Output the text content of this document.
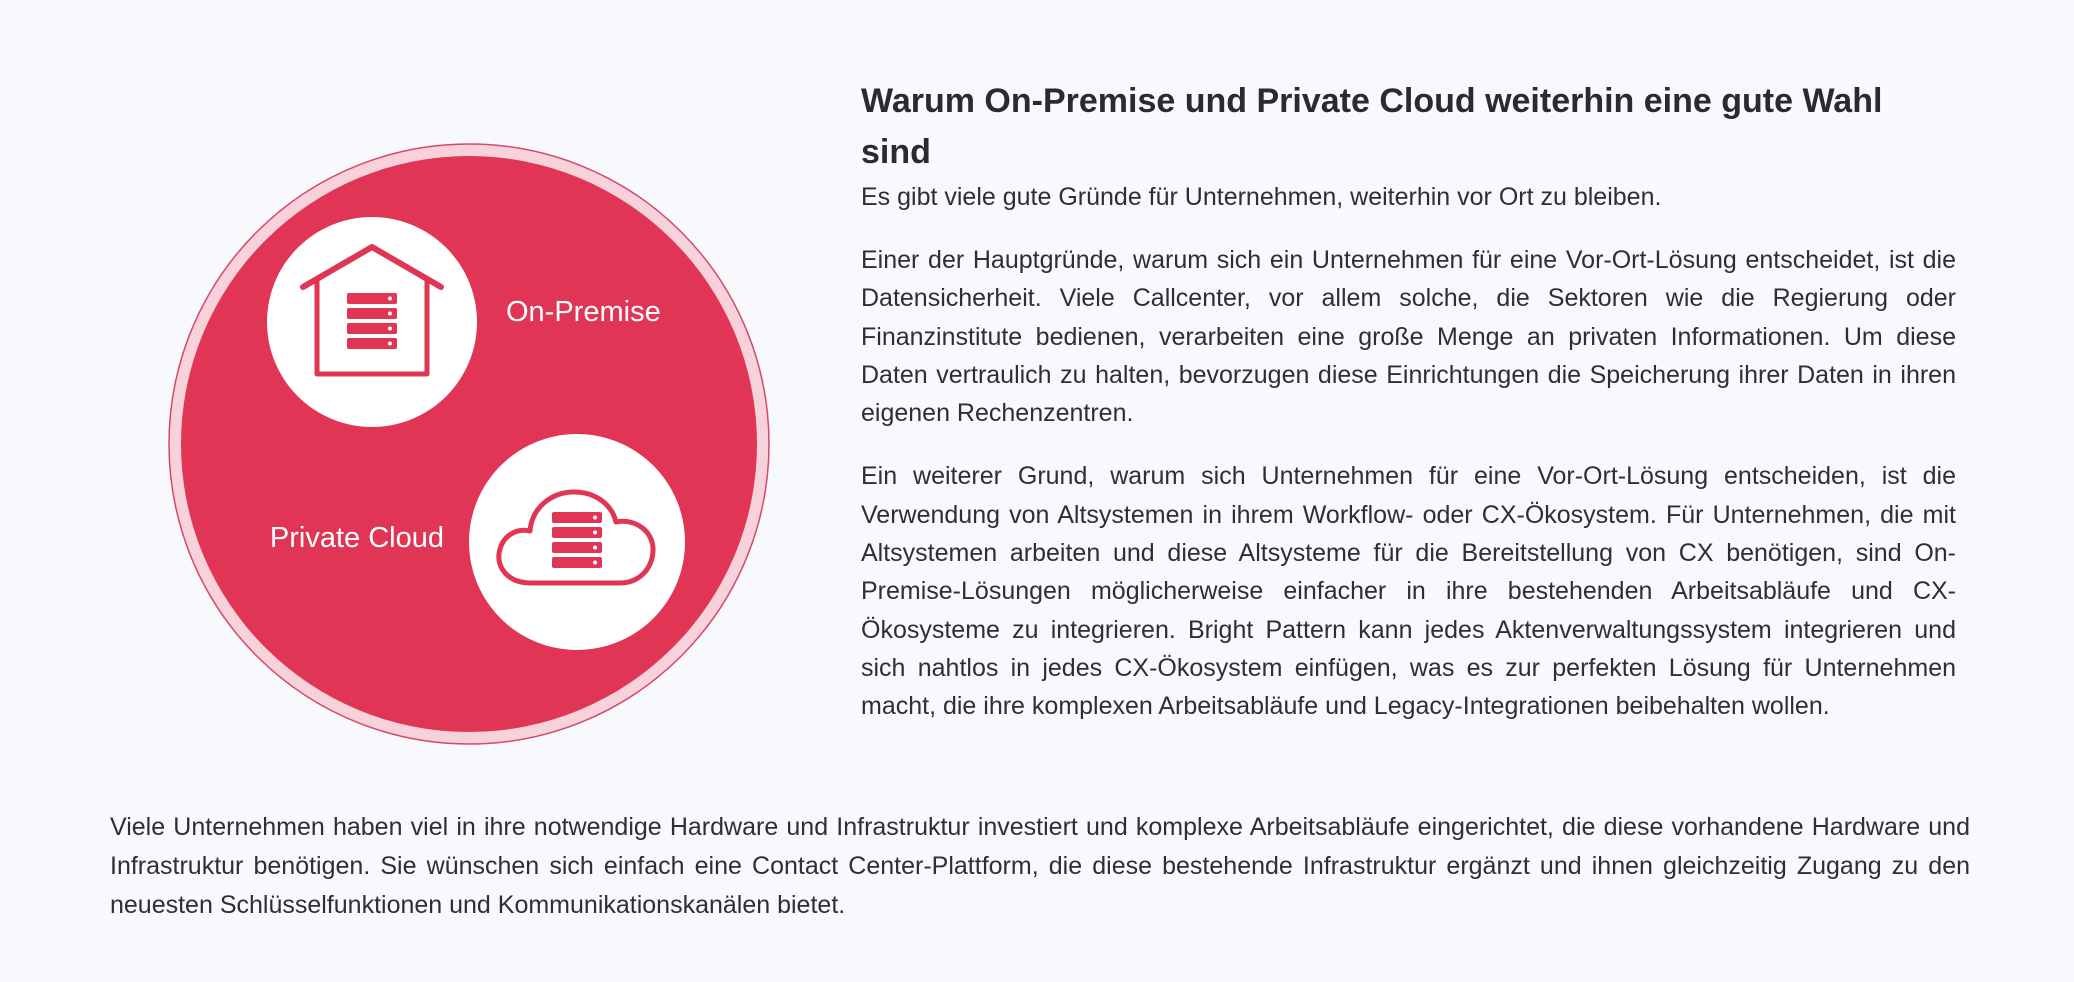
On-Premise
Private Cloud
Warum On-Premise und Private Cloud weiterhin eine gute Wahl sind

Es gibt viele gute Gründe für Unternehmen, weiterhin vor Ort zu bleiben.

Einer der Hauptgründe, warum sich ein Unternehmen für eine Vor-Ort-Lösung entscheidet, ist die Datensicherheit. Viele Callcenter, vor allem solche, die Sektoren wie die Regierung oder Finanzinstitute bedienen, verarbeiten eine große Menge an privaten Informationen. Um diese Daten vertraulich zu halten, bevorzugen diese Einrichtungen die Speicherung ihrer Daten in ihren eigenen Rechenzentren.

Ein weiterer Grund, warum sich Unternehmen für eine Vor-Ort-Lösung entscheiden, ist die Verwendung von Altsystemen in ihrem Workflow- oder CX-Ökosystem. Für Unternehmen, die mit Altsystemen arbeiten und diese Altsysteme für die Bereitstellung von CX benötigen, sind On-Premise-Lösungen möglicherweise einfacher in ihre bestehenden Arbeitsabläufe und CX-Ökosysteme zu integrieren. Bright Pattern kann jedes Aktenverwaltungssystem integrieren und sich nahtlos in jedes CX-Ökosystem einfügen, was es zur perfekten Lösung für Unternehmen macht, die ihre komplexen Arbeitsabläufe und Legacy-Integrationen beibehalten wollen.

Viele Unternehmen haben viel in ihre notwendige Hardware und Infrastruktur investiert und komplexe Arbeitsabläufe eingerichtet, die diese vorhandene Hardware und Infrastruktur benötigen. Sie wünschen sich einfach eine Contact Center-Plattform, die diese bestehende Infrastruktur ergänzt und ihnen gleichzeitig Zugang zu den neuesten Schlüsselfunktionen und Kommunikationskanälen bietet.
